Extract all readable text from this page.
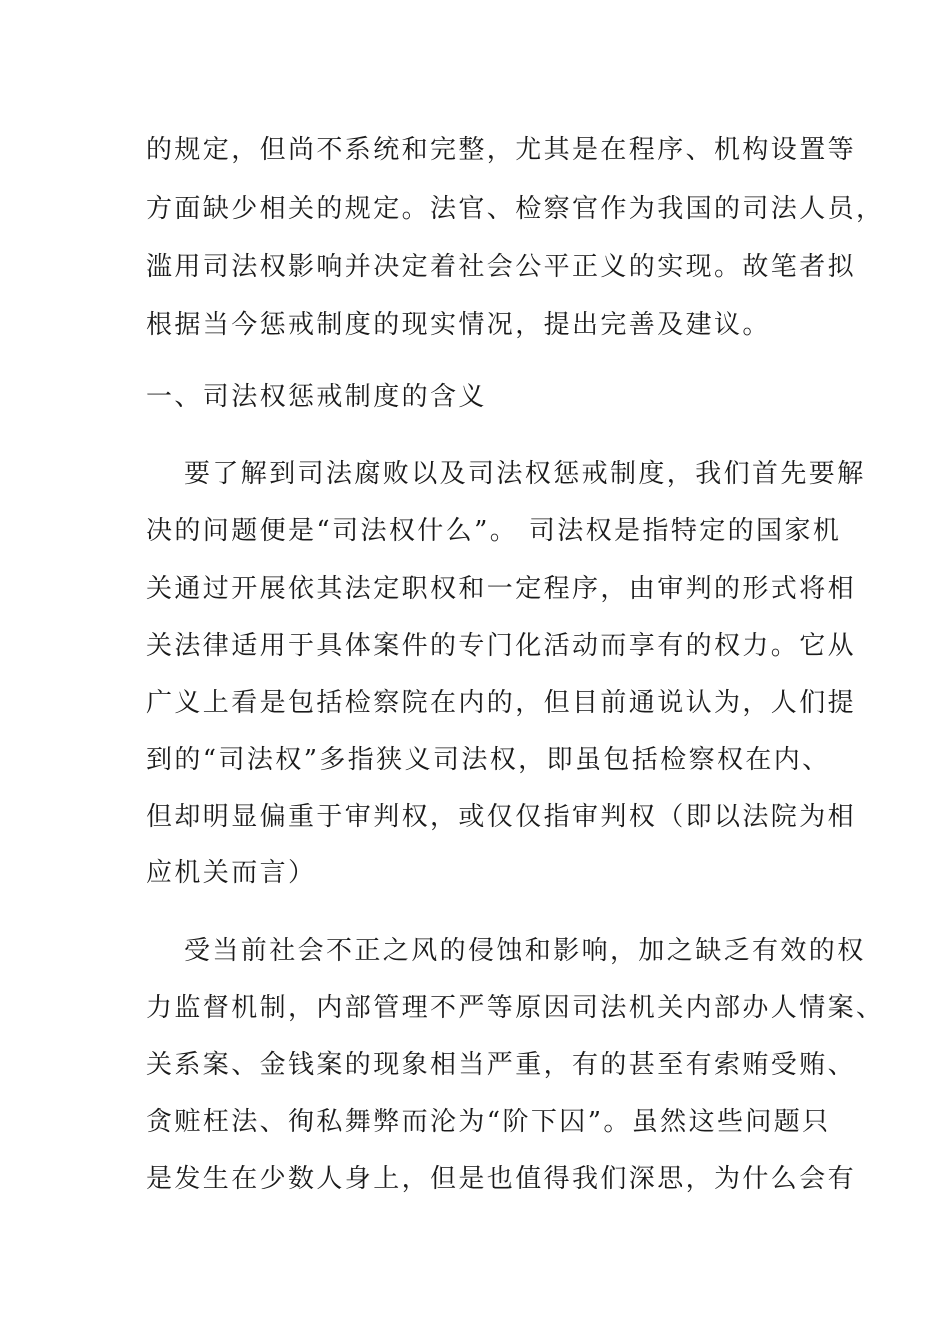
的规定，但尚不系统和完整，尤其是在程序、机构设置等
方面缺少相关的规定。法官、检察官作为我国的司法人员，
滥用司法权影响并决定着社会公平正义的实现。故笔者拟
根据当今惩戒制度的现实情况，提出完善及建议。
一、司法权惩戒制度的含义
要了解到司法腐败以及司法权惩戒制度，我们首先要解
决的问题便是“司法权什么”。 司法权是指特定的国家机
关通过开展依其法定职权和一定程序，由审判的形式将相
关法律适用于具体案件的专门化活动而享有的权力。它从
广义上看是包括检察院在内的，但目前通说认为，人们提
到的“司法权”多指狭义司法权，即虽包括检察权在内、
但却明显偏重于审判权，或仅仅指审判权（即以法院为相
应机关而言）
受当前社会不正之风的侵蚀和影响，加之缺乏有效的权
力监督机制，内部管理不严等原因司法机关内部办人情案、
关系案、金钱案的现象相当严重，有的甚至有索贿受贿、
贪赃枉法、徇私舞弊而沦为“阶下囚”。虽然这些问题只
是发生在少数人身上，但是也值得我们深思，为什么会有
